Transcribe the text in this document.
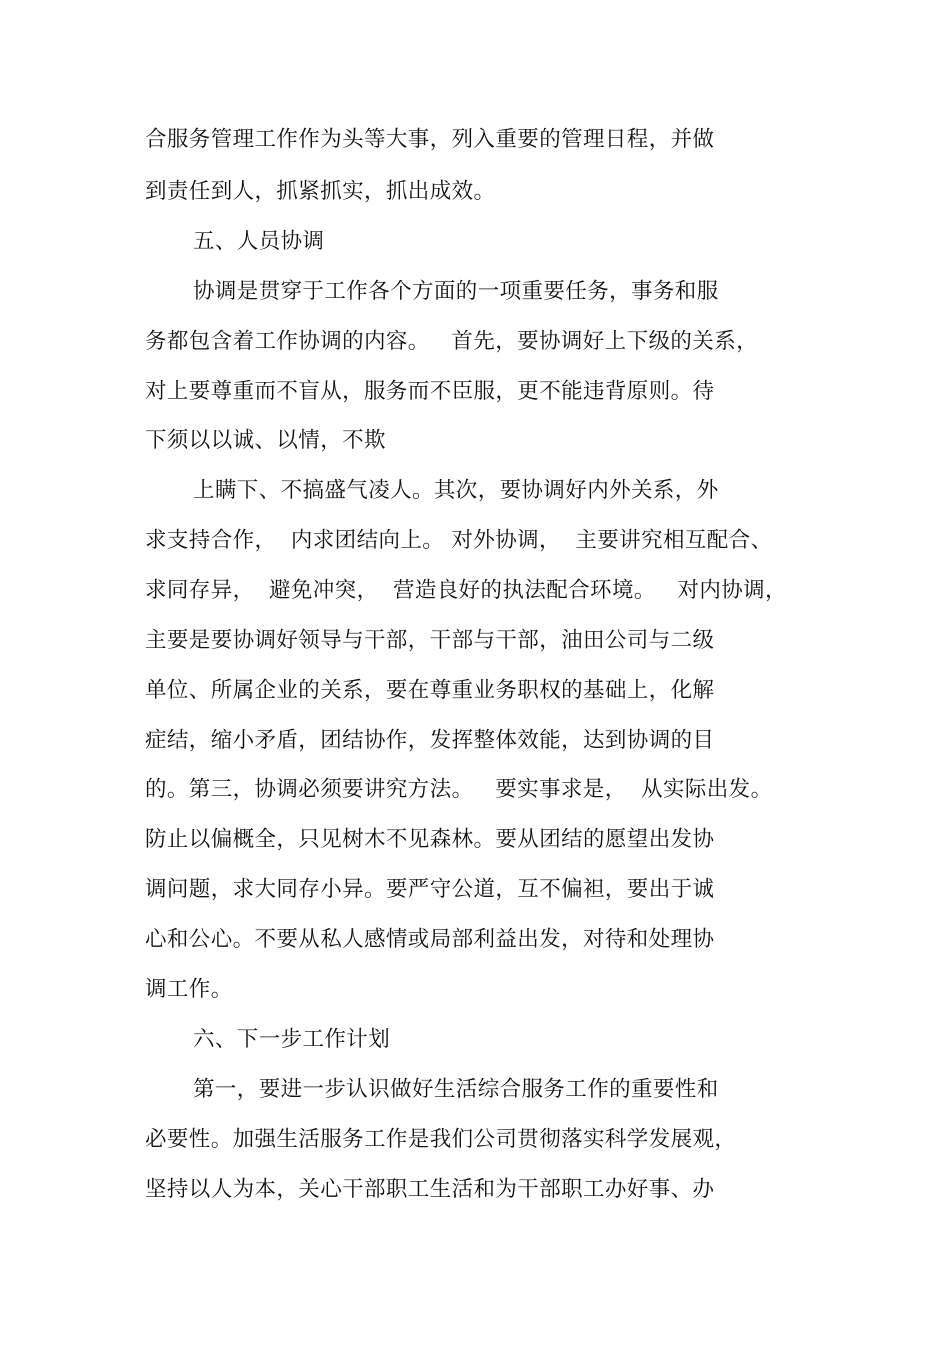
合服务管理工作作为头等大事，列入重要的管理日程，并做
到责任到人，抓紧抓实，抓出成效。
五、人员协调
协调是贯穿于工作各个方面的一项重要任务，事务和服
务都包含着工作协调的内容。   首先，要协调好上下级的关系，
对上要尊重而不盲从，服务而不臣服，更不能违背原则。待
下须以以诚、以情，不欺
上瞒下、不搞盛气凌人。其次，要协调好内外关系，外
求支持合作，  内求团结向上。 对外协调，  主要讲究相互配合、
求同存异，  避免冲突，  营造良好的执法配合环境。   对内协调，
主要是要协调好领导与干部，干部与干部，油田公司与二级
单位、所属企业的关系，要在尊重业务职权的基础上，化解
症结，缩小矛盾，团结协作，发挥整体效能，达到协调的目
的。第三，协调必须要讲究方法。   要实事求是，  从实际出发。
防止以偏概全，只见树木不见森林。要从团结的愿望出发协
调问题，求大同存小异。要严守公道，互不偏袒，要出于诚
心和公心。不要从私人感情或局部利益出发，对待和处理协
调工作。
六、下一步工作计划
第一，要进一步认识做好生活综合服务工作的重要性和
必要性。加强生活服务工作是我们公司贯彻落实科学发展观，
坚持以人为本，关心干部职工生活和为干部职工办好事、办
